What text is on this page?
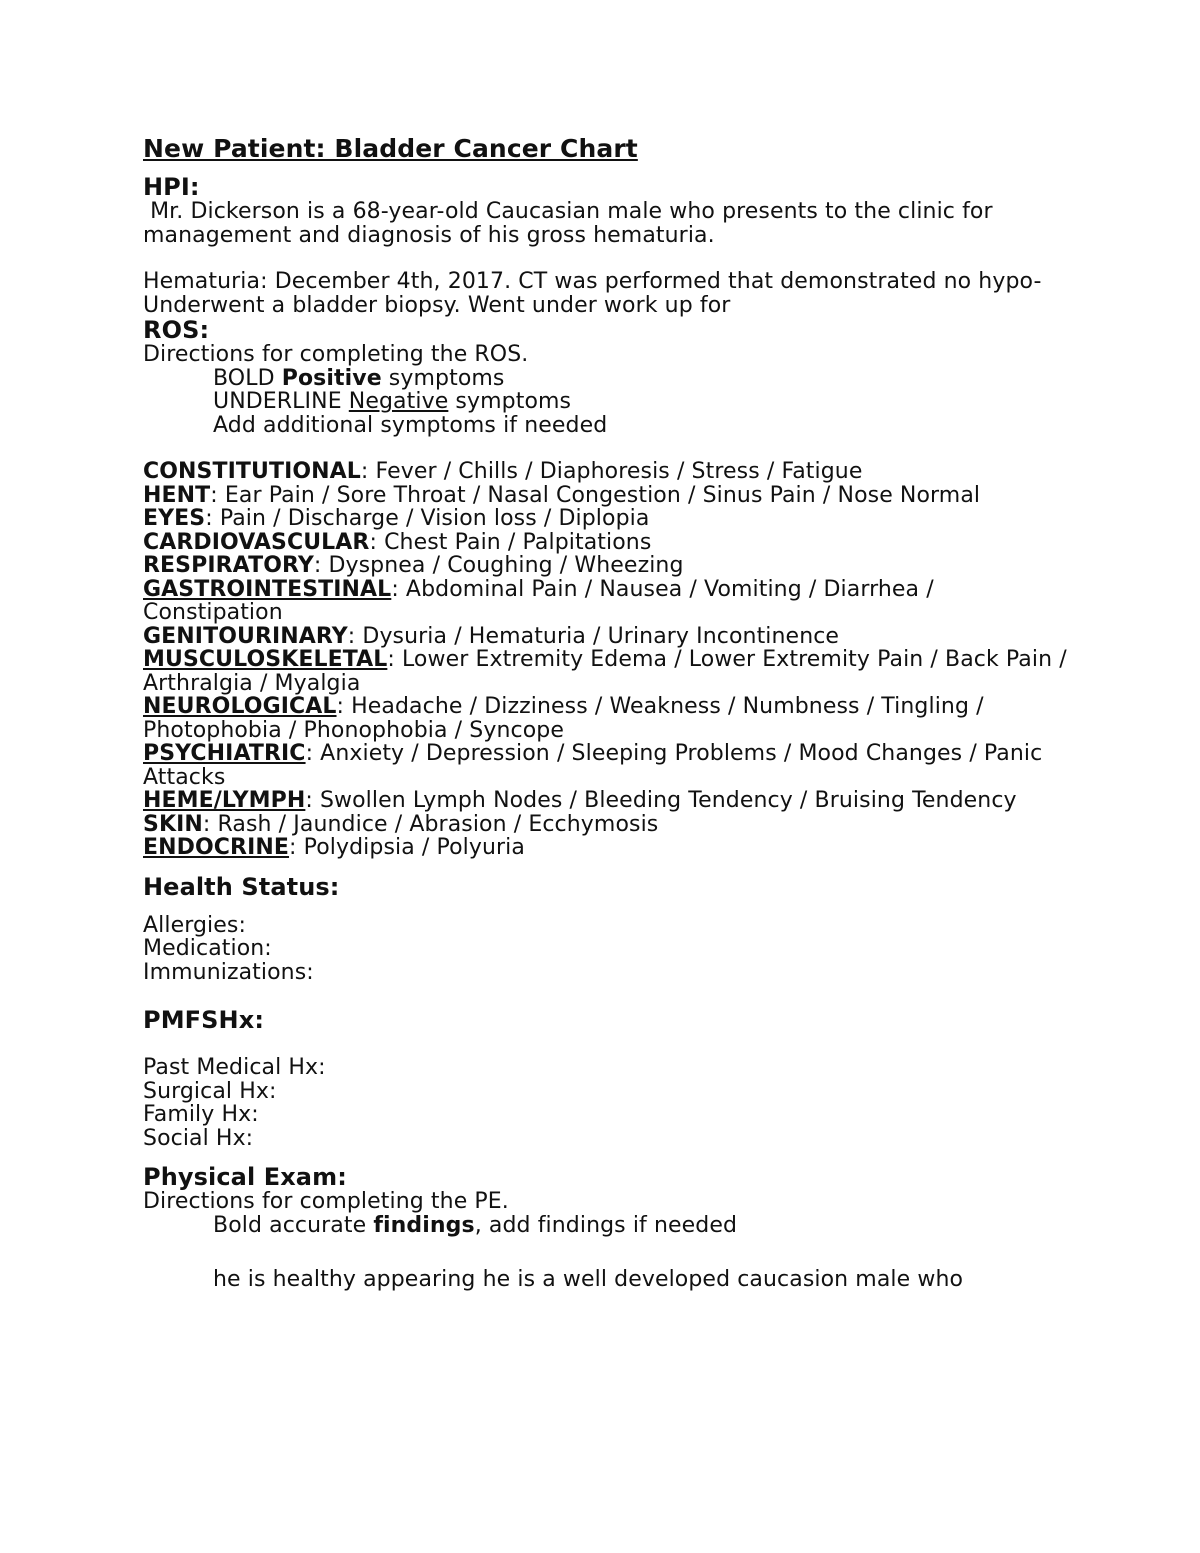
New Patient: Bladder Cancer Chart
HPI:
Mr. Dickerson is a 68-year-old Caucasian male who presents to the clinic for management and diagnosis of his gross hematuria.
Hematuria: December 4th, 2017. CT was performed that demonstrated no hypo-
Underwent a bladder biopsy. Went under work up for
ROS:
Directions for completing the ROS.
BOLD Positive symptoms
UNDERLINE Negative symptoms
Add additional symptoms if needed
CONSTITUTIONAL: Fever / Chills / Diaphoresis / Stress / Fatigue
HENT: Ear Pain / Sore Throat / Nasal Congestion / Sinus Pain / Nose Normal
EYES: Pain / Discharge / Vision loss / Diplopia
CARDIOVASCULAR: Chest Pain / Palpitations
RESPIRATORY: Dyspnea / Coughing / Wheezing
GASTROINTESTINAL: Abdominal Pain / Nausea / Vomiting / Diarrhea / Constipation
GENITOURINARY: Dysuria / Hematuria / Urinary Incontinence
MUSCULOSKELETAL: Lower Extremity Edema / Lower Extremity Pain / Back Pain / Arthralgia / Myalgia
NEUROLOGICAL: Headache / Dizziness / Weakness / Numbness / Tingling / Photophobia / Phonophobia / Syncope
PSYCHIATRIC: Anxiety / Depression / Sleeping Problems / Mood Changes / Panic Attacks
HEME/LYMPH: Swollen Lymph Nodes / Bleeding Tendency / Bruising Tendency
SKIN: Rash / Jaundice / Abrasion / Ecchymosis
ENDOCRINE: Polydipsia / Polyuria
Health Status:
Allergies:
Medication:
Immunizations:
PMFSHx:
Past Medical Hx:
Surgical Hx:
Family Hx:
Social Hx:
Physical Exam:
Directions for completing the PE.
Bold accurate findings, add findings if needed
he is healthy appearing he is a well developed caucasion male who
